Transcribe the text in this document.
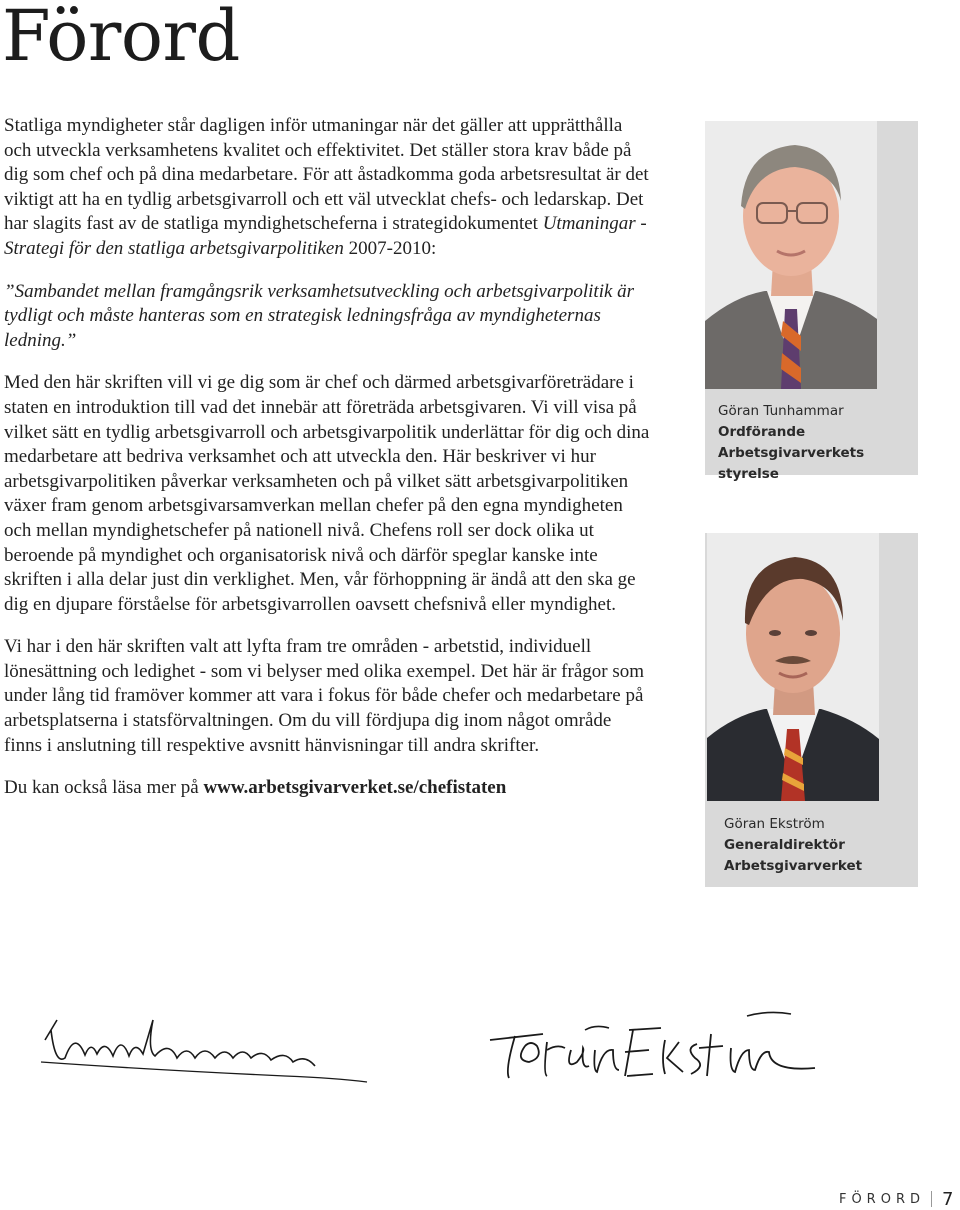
Förord

Statliga myndigheter står dagligen inför utmaningar när det gäller att upprätthålla och utveckla verksamhetens kvalitet och effektivitet. Det ställer stora krav både på dig som chef och på dina medarbetare. För att åstadkomma goda arbetsresultat är det viktigt att ha en tydlig arbetsgivarroll och ett väl utvecklat chefs- och ledarskap. Det har slagits fast av de statliga myndighetscheferna i strategidokumentet Utmaningar - Strategi för den statliga arbetsgivarpolitiken 2007-2010:

”Sambandet mellan framgångsrik verksamhetsutveckling och arbetsgivarpolitik är tydligt och måste hanteras som en strategisk ledningsfråga av myndigheternas ledning.”

Med den här skriften vill vi ge dig som är chef och därmed arbetsgivarföreträdare i staten en introduktion till vad det innebär att företräda arbetsgivaren. Vi vill visa på vilket sätt en tydlig arbetsgivarroll och arbetsgivarpolitik underlättar för dig och dina medarbetare att bedriva verksamhet och att utveckla den. Här beskriver vi hur arbetsgivarpolitiken påverkar verksamheten och på vilket sätt arbetsgivarpolitiken växer fram genom arbetsgivarsamverkan mellan chefer på den egna myndigheten och mellan myndighetschefer på nationell nivå. Chefens roll ser dock olika ut beroende på myndighet och organisatorisk nivå och därför speglar kanske inte skriften i alla delar just din verklighet. Men, vår förhoppning är ändå att den ska ge dig en djupare förståelse för arbetsgivarrollen oavsett chefsnivå eller myndighet.

Vi har i den här skriften valt att lyfta fram tre områden - arbetstid, individuell lönesättning och ledighet - som vi belyser med olika exempel. Det här är frågor som under lång tid framöver kommer att vara i fokus för både chefer och medarbetare på arbetsplatserna i statsförvaltningen. Om du vill fördjupa dig inom något område finns i anslutning till respektive avsnitt hänvisningar till andra skrifter.

Du kan också läsa mer på www.arbetsgivarverket.se/chefistaten

Göran Tunhammar
Ordförande
Arbetsgivarverkets styrelse
Göran Ekström
Generaldirektör
Arbetsgivarverket
FÖRORD 7
